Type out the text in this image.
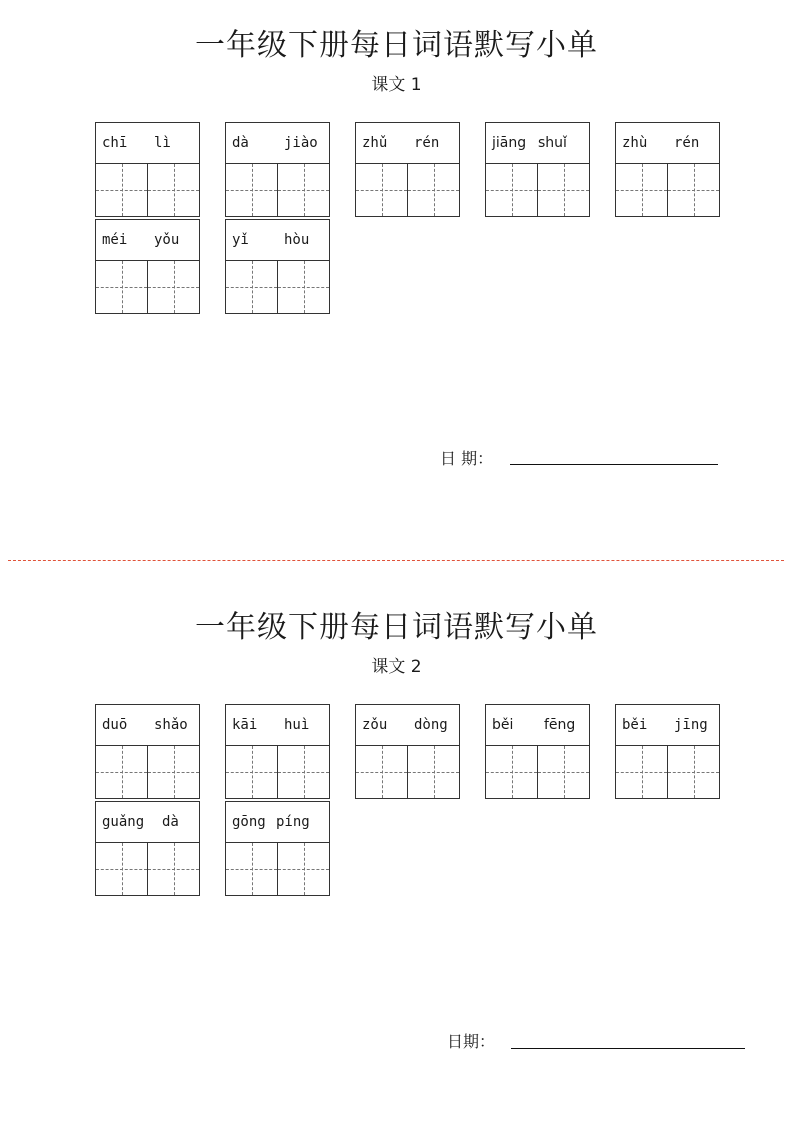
一年级下册每日词语默写小单
课文 1
chī lì	dà	jiào	zhǔ rén	jiāng shuǐ	zhù rén
méi yǒu	yǐ	hòu
日 期：
一年级下册每日词语默写小单
课文 2
duō shǎo	kāi huì	zǒu dòng	běi fēng	běi jīng
guǎng dà	gōng píng
日期：
